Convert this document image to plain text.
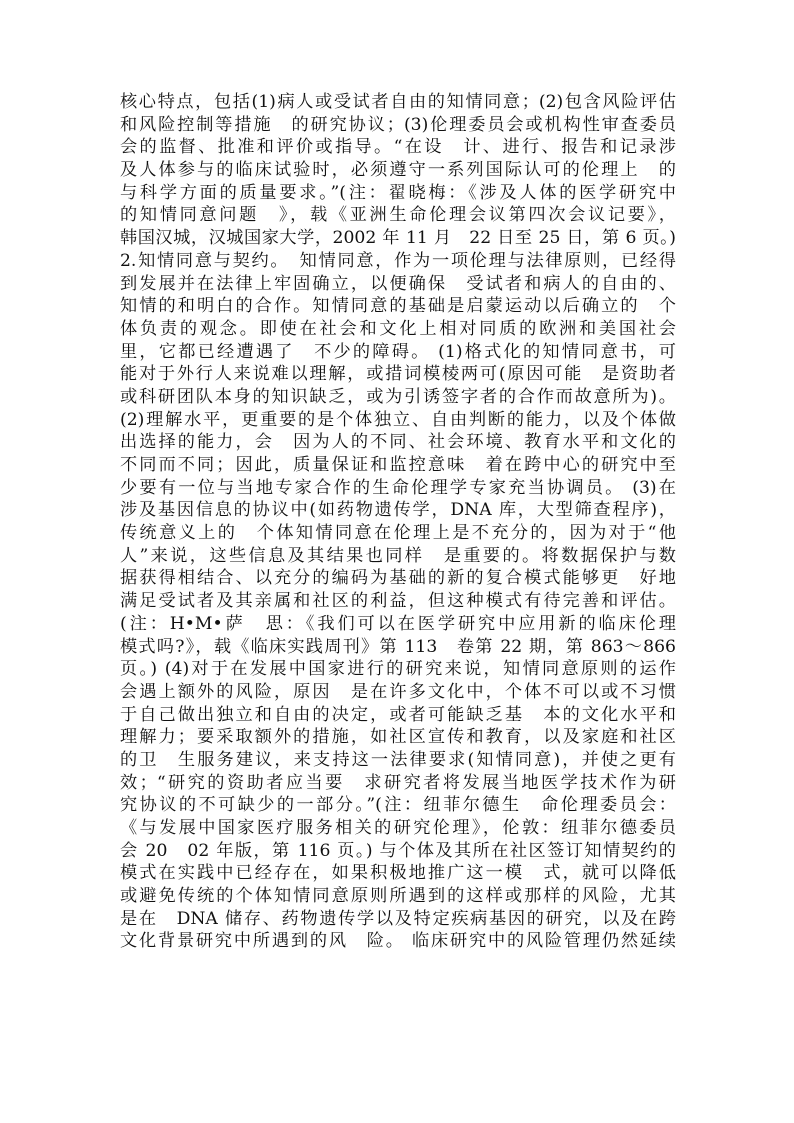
核心特点，包括(1)病人或受试者自由的知情同意；(2)包含风险评估
和风险控制等措施　的研究协议；(3)伦理委员会或机构性审查委员
会的监督、批准和评价或指导。“在设　计、进行、报告和记录涉
及人体参与的临床试验时，必须遵守一系列国际认可的伦理上　的
与科学方面的质量要求。”(注：翟晓梅：《涉及人体的医学研究中
的知情同意问题　》，载《亚洲生命伦理会议第四次会议记要》，
韩国汉城，汉城国家大学，2002 年 11 月　22 日至 25 日，第 6 页。)
2.知情同意与契约。　知情同意，作为一项伦理与法律原则，已经得
到发展并在法律上牢固确立，以便确保　受试者和病人的自由的、
知情的和明白的合作。知情同意的基础是启蒙运动以后确立的　个
体负责的观念。即使在社会和文化上相对同质的欧洲和美国社会
里，它都已经遭遇了　不少的障碍。 (1)格式化的知情同意书，可
能对于外行人来说难以理解，或措词模棱两可(原因可能　是资助者
或科研团队本身的知识缺乏，或为引诱签字者的合作而故意所为)。
(2)理解水平，更重要的是个体独立、自由判断的能力，以及个体做
出选择的能力，会　因为人的不同、社会环境、教育水平和文化的
不同而不同；因此，质量保证和监控意味　着在跨中心的研究中至
少要有一位与当地专家合作的生命伦理学专家充当协调员。 (3)在
涉及基因信息的协议中(如药物遗传学，DNA 库，大型筛查程序)，
传统意义上的　个体知情同意在伦理上是不充分的，因为对于“他
人”来说，这些信息及其结果也同样　是重要的。将数据保护与数
据获得相结合、以充分的编码为基础的新的复合模式能够更　好地
满足受试者及其亲属和社区的利益，但这种模式有待完善和评估。
(注：H•M•萨　思：《我们可以在医学研究中应用新的临床伦理
模式吗?》，载《临床实践周刊》第 113　卷第 22 期，第 863～866
页。) (4)对于在发展中国家进行的研究来说，知情同意原则的运作
会遇上额外的风险，原因　是在许多文化中，个体不可以或不习惯
于自己做出独立和自由的决定，或者可能缺乏基　本的文化水平和
理解力；要采取额外的措施，如社区宣传和教育，以及家庭和社区
的卫　生服务建议，来支持这一法律要求(知情同意)，并使之更有
效；“研究的资助者应当要　求研究者将发展当地医学技术作为研
究协议的不可缺少的一部分。”(注：纽菲尔德生　命伦理委员会：
《与发展中国家医疗服务相关的研究伦理》，伦敦：纽菲尔德委员
会 20　02 年版，第 116 页。) 与个体及其所在社区签订知情契约的
模式在实践中已经存在，如果积极地推广这一模　式，就可以降低
或避免传统的个体知情同意原则所遇到的这样或那样的风险，尤其
是在　DNA 储存、药物遗传学以及特定疾病基因的研究，以及在跨
文化背景研究中所遇到的风　险。 临床研究中的风险管理仍然延续
